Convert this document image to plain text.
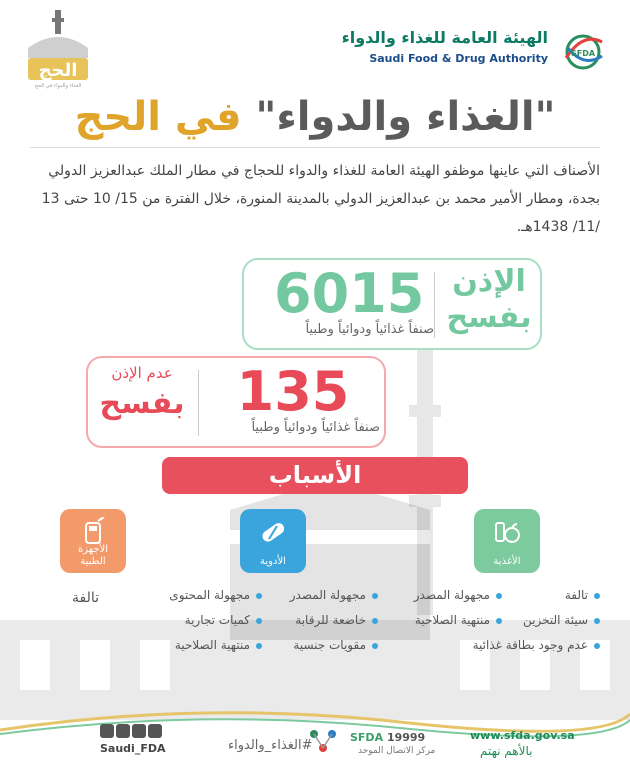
الحج
الغذاء والدواء في الحج
الهيئة العامة للغذاء والدواء
Saudi Food & Drug Authority	SFDA
"الغذاء والدواء" في الحج
الأصناف التي عاينها موظفو الهيئة العامة للغذاء والدواء للحجاج في مطار الملك عبدالعزيز الدولي بجدة، ومطار الأمير محمد بن عبدالعزيز الدولي بالمدينة المنورة، خلال الفترة من 15/ 10 حتى 13 /11/ 1438هـ.
6015
صنفاً غذائياً ودوائياً وطبياً
الإذن بفسح
عدم الإذن
بفسح 135
صنفاً غذائياً ودوائياً وطبياً
الأسباب
الأغذية
الأدوية
الأجهزة
الطبية
تالفة
سيئة التخزين
عدم وجود بطاقة غذائية
مجهولة المصدر
منتهية الصلاحية
مجهولة المصدر
خاضعة للرقابة
مقويات جنسية
مجهولة المحتوى
كميات تجارية
منتهية الصلاحية
تالفة
Saudi_FDA	#الغذاء_والدواء
SFDA 19999
مركز الاتصال الموحد
www.sfda.gov.sa
بالأهم نهتم
